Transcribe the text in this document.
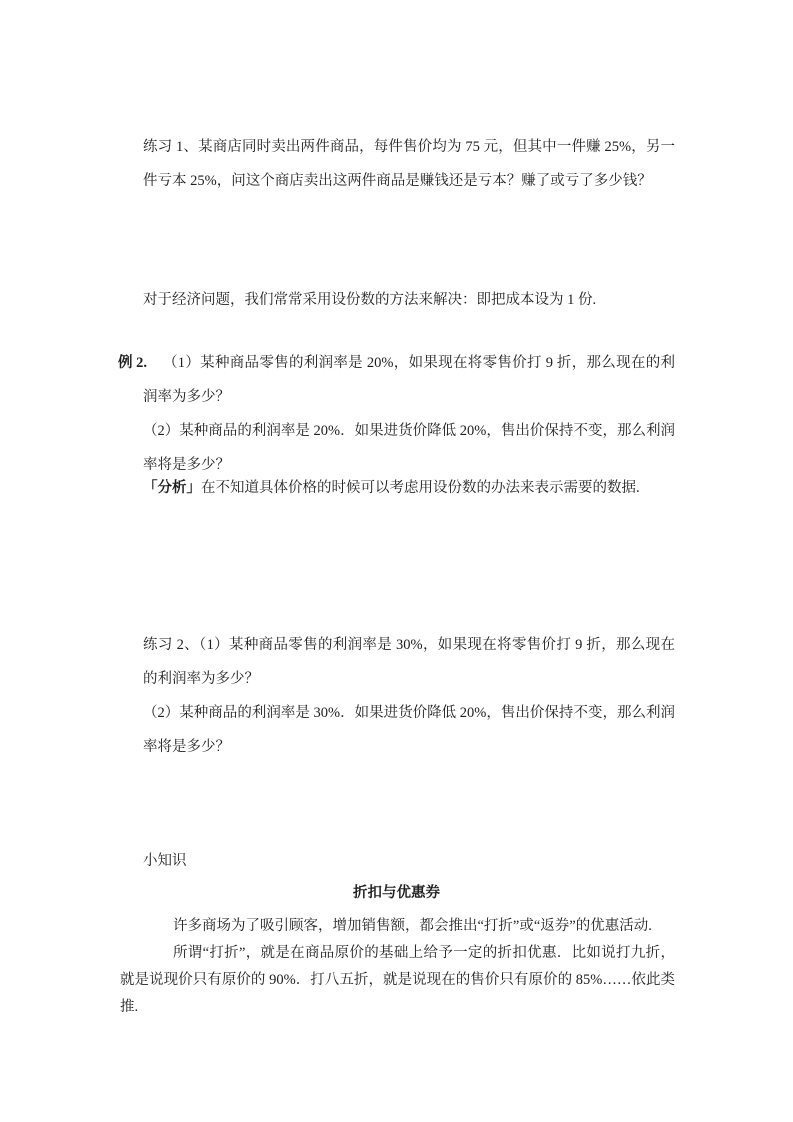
练习 1、某商店同时卖出两件商品，每件售价均为 75 元，但其中一件赚 25%，另一件亏本 25%，问这个商店卖出这两件商品是赚钱还是亏本？赚了或亏了多少钱？

对于经济问题，我们常常采用设份数的方法来解决：即把成本设为 1 份.

例 2.	（1）某种商品零售的利润率是 20%，如果现在将零售价打 9 折，那么现在的利润率为多少？

（2）某种商品的利润率是 20%．如果进货价降低 20%，售出价保持不变，那么利润率将是多少？

「分析」在不知道具体价格的时候可以考虑用设份数的办法来表示需要的数据.

练习 2、（1）某种商品零售的利润率是 30%，如果现在将零售价打 9 折，那么现在的利润率为多少？

（2）某种商品的利润率是 30%．如果进货价降低 20%，售出价保持不变，那么利润率将是多少？

小知识

折扣与优惠券

许多商场为了吸引顾客，增加销售额，都会推出“打折”或“返券”的优惠活动.

所谓“打折”，就是在商品原价的基础上给予一定的折扣优惠．比如说打九折，就是说现价只有原价的 90%．打八五折，就是说现在的售价只有原价的 85%……依此类推.
